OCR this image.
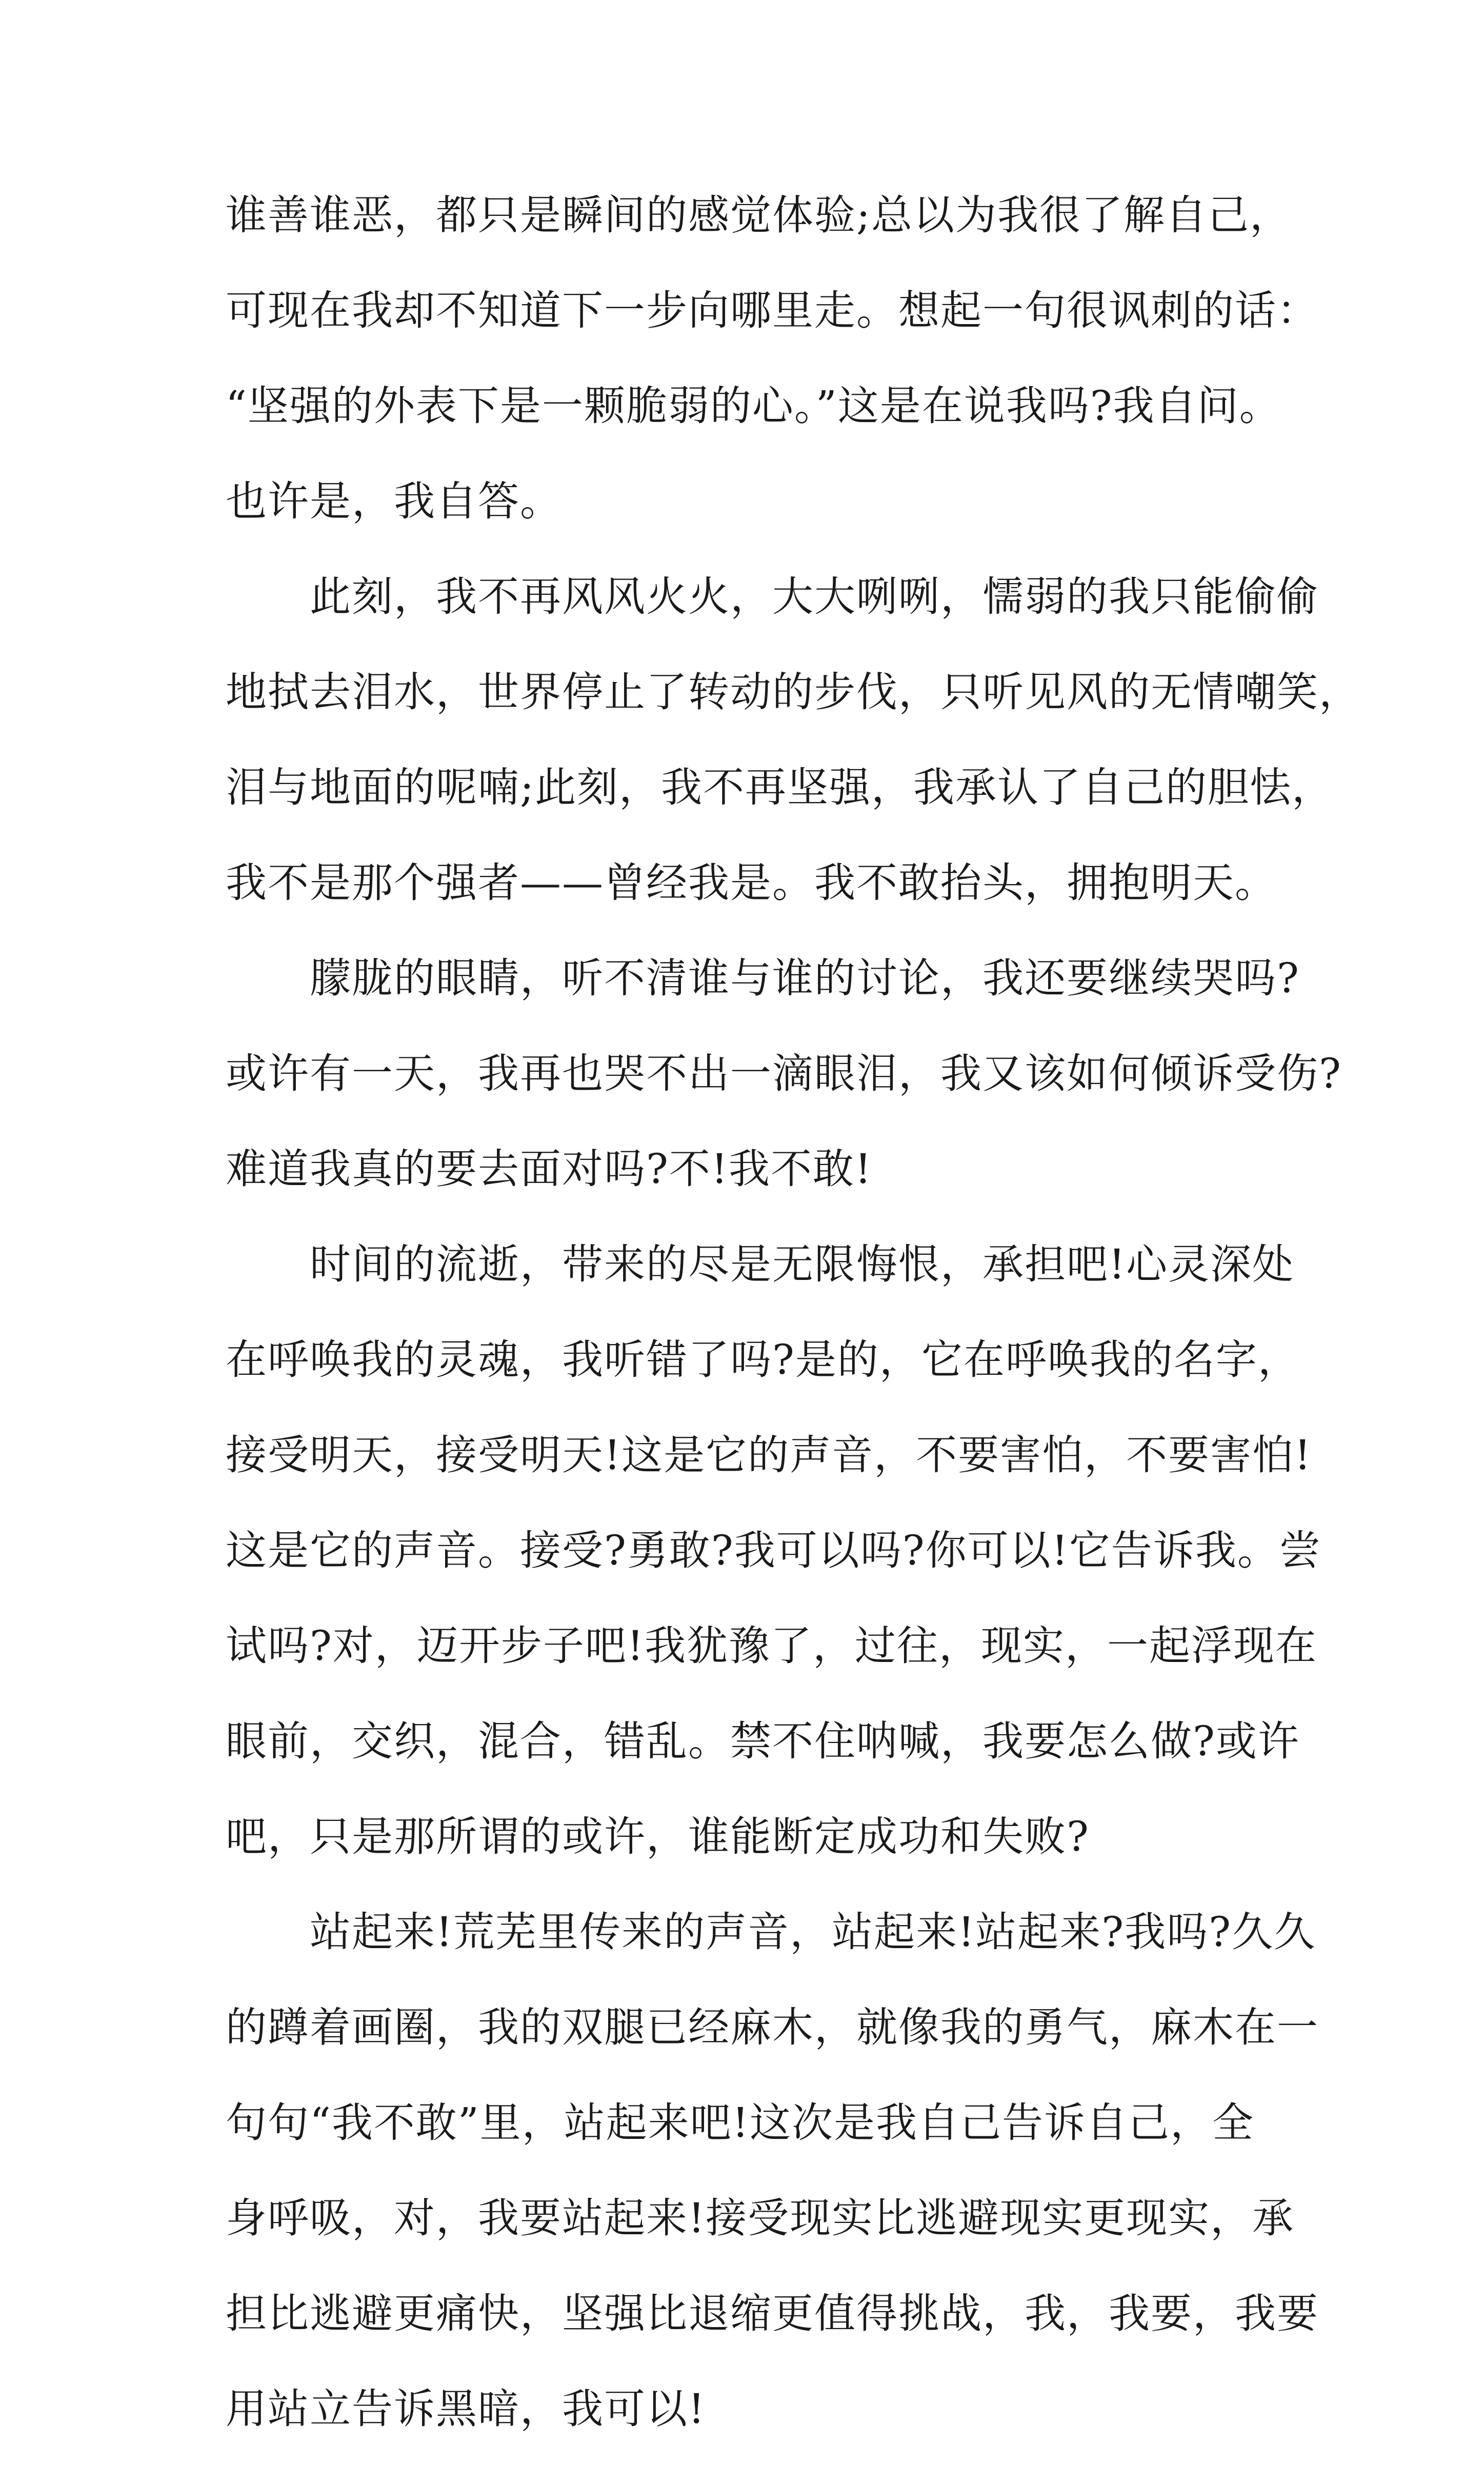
谁善谁恶，都只是瞬间的感觉体验;总以为我很了解自己，
可现在我却不知道下一步向哪里走。想起一句很讽刺的话：
“坚强的外表下是一颗脆弱的心。”这是在说我吗?我自问。
也许是，我自答。
　　此刻，我不再风风火火，大大咧咧，懦弱的我只能偷偷
地拭去泪水，世界停止了转动的步伐，只听见风的无情嘲笑，
泪与地面的呢喃;此刻，我不再坚强，我承认了自己的胆怯，
我不是那个强者——曾经我是。我不敢抬头，拥抱明天。
　　朦胧的眼睛，听不清谁与谁的讨论，我还要继续哭吗?
或许有一天，我再也哭不出一滴眼泪，我又该如何倾诉受伤?
难道我真的要去面对吗?不!我不敢!
　　时间的流逝，带来的尽是无限悔恨，承担吧!心灵深处
在呼唤我的灵魂，我听错了吗?是的，它在呼唤我的名字，
接受明天，接受明天!这是它的声音，不要害怕，不要害怕!
这是它的声音。接受?勇敢?我可以吗?你可以!它告诉我。尝
试吗?对，迈开步子吧!我犹豫了，过往，现实，一起浮现在
眼前，交织，混合，错乱。禁不住呐喊，我要怎么做?或许
吧，只是那所谓的或许，谁能断定成功和失败?
　　站起来!荒芜里传来的声音，站起来!站起来?我吗?久久
的蹲着画圈，我的双腿已经麻木，就像我的勇气，麻木在一
句句“我不敢”里，站起来吧!这次是我自己告诉自己，全
身呼吸，对，我要站起来!接受现实比逃避现实更现实，承
担比逃避更痛快，坚强比退缩更值得挑战，我，我要，我要
用站立告诉黑暗，我可以!
